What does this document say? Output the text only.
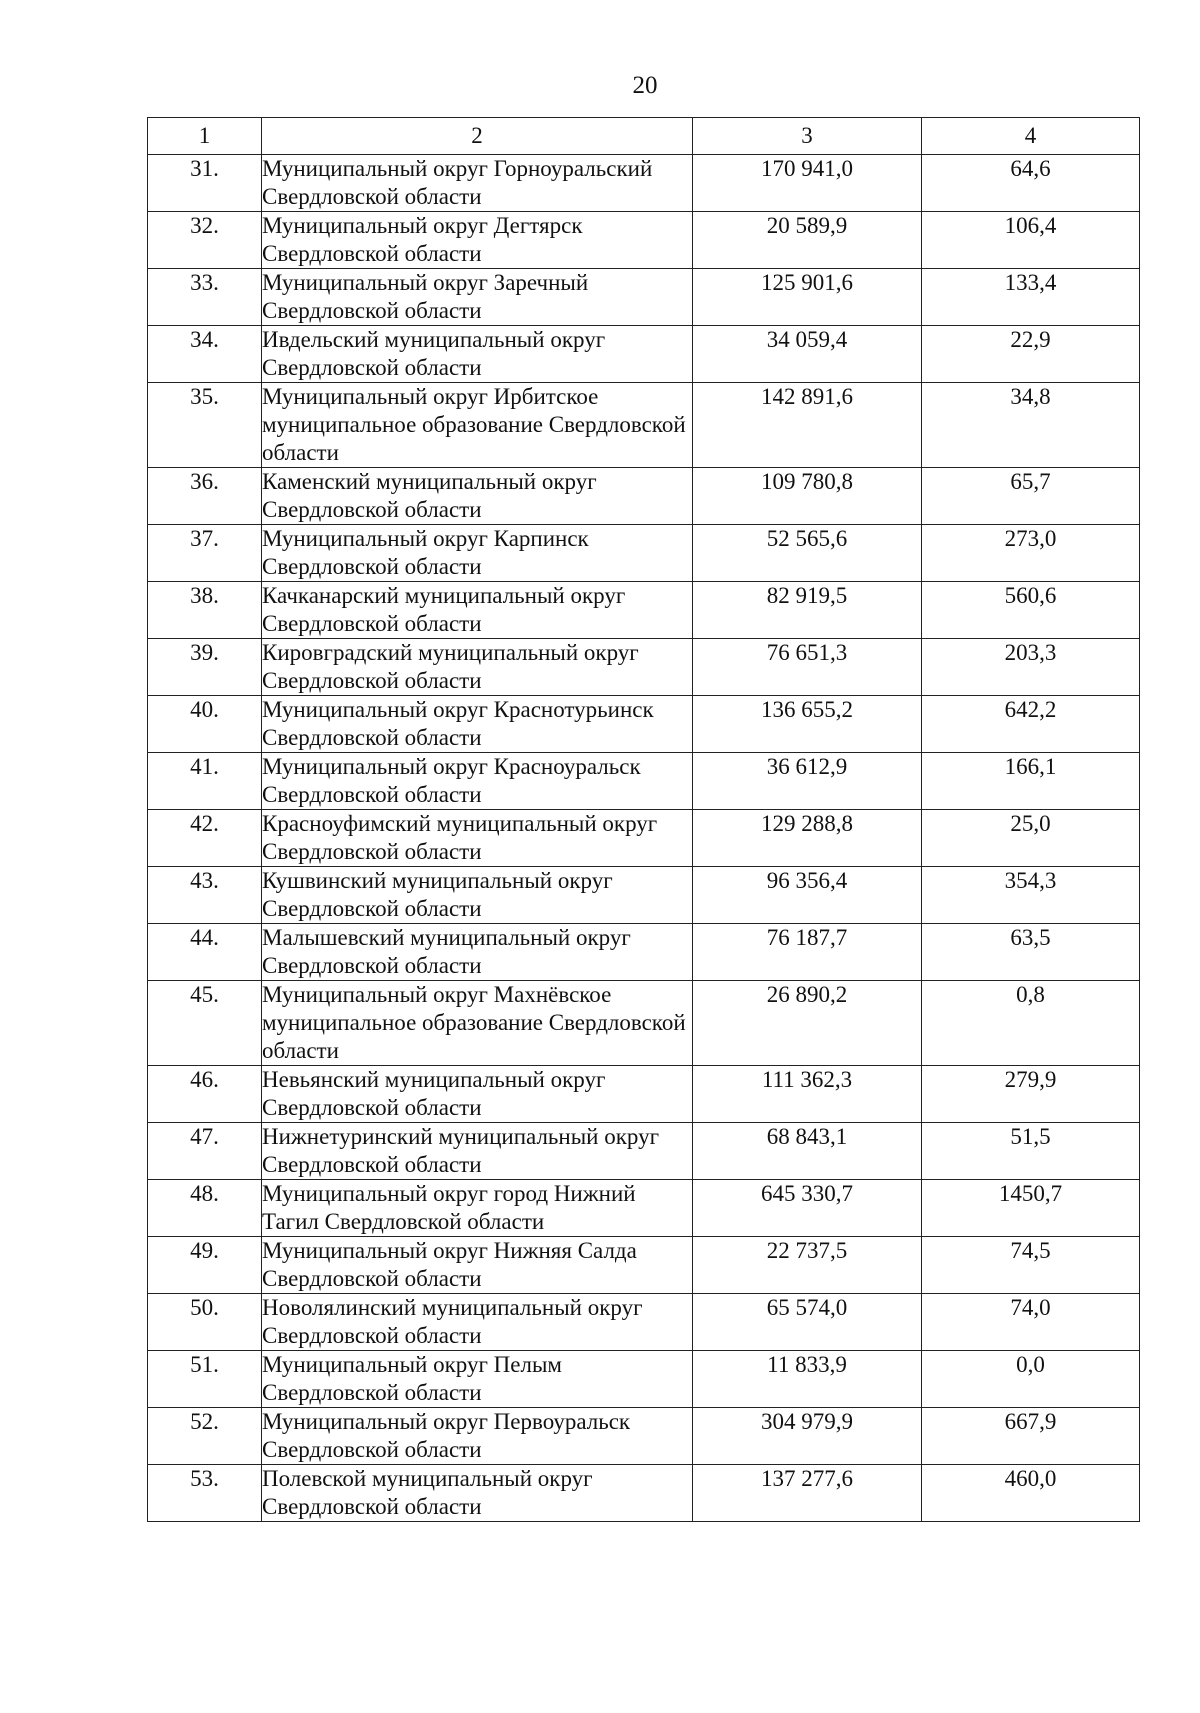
20
1	2	3	4
31.	Муниципальный округ Горноуральский Свердловской области	170 941,0	64,6
32.	Муниципальный округ Дегтярск Свердловской области	20 589,9	106,4
33.	Муниципальный округ Заречный Свердловской области	125 901,6	133,4
34.	Ивдельский муниципальный округ Свердловской области	34 059,4	22,9
35.	Муниципальный округ Ирбитское муниципальное образование Свердловской области	142 891,6	34,8
36.	Каменский муниципальный округ Свердловской области	109 780,8	65,7
37.	Муниципальный округ Карпинск Свердловской области	52 565,6	273,0
38.	Качканарский муниципальный округ Свердловской области	82 919,5	560,6
39.	Кировградский муниципальный округ Свердловской области	76 651,3	203,3
40.	Муниципальный округ Краснотурьинск Свердловской области	136 655,2	642,2
41.	Муниципальный округ Красноуральск Свердловской области	36 612,9	166,1
42.	Красноуфимский муниципальный округ Свердловской области	129 288,8	25,0
43.	Кушвинский муниципальный округ Свердловской области	96 356,4	354,3
44.	Малышевский муниципальный округ Свердловской области	76 187,7	63,5
45.	Муниципальный округ Махнёвское муниципальное образование Свердловской области	26 890,2	0,8
46.	Невьянский муниципальный округ Свердловской области	111 362,3	279,9
47.	Нижнетуринский муниципальный округ Свердловской области	68 843,1	51,5
48.	Муниципальный округ город Нижний Тагил Свердловской области	645 330,7	1450,7
49.	Муниципальный округ Нижняя Салда Свердловской области	22 737,5	74,5
50.	Новолялинский муниципальный округ Свердловской области	65 574,0	74,0
51.	Муниципальный округ Пелым Свердловской области	11 833,9	0,0
52.	Муниципальный округ Первоуральск Свердловской области	304 979,9	667,9
53.	Полевской муниципальный округ Свердловской области	137 277,6	460,0
